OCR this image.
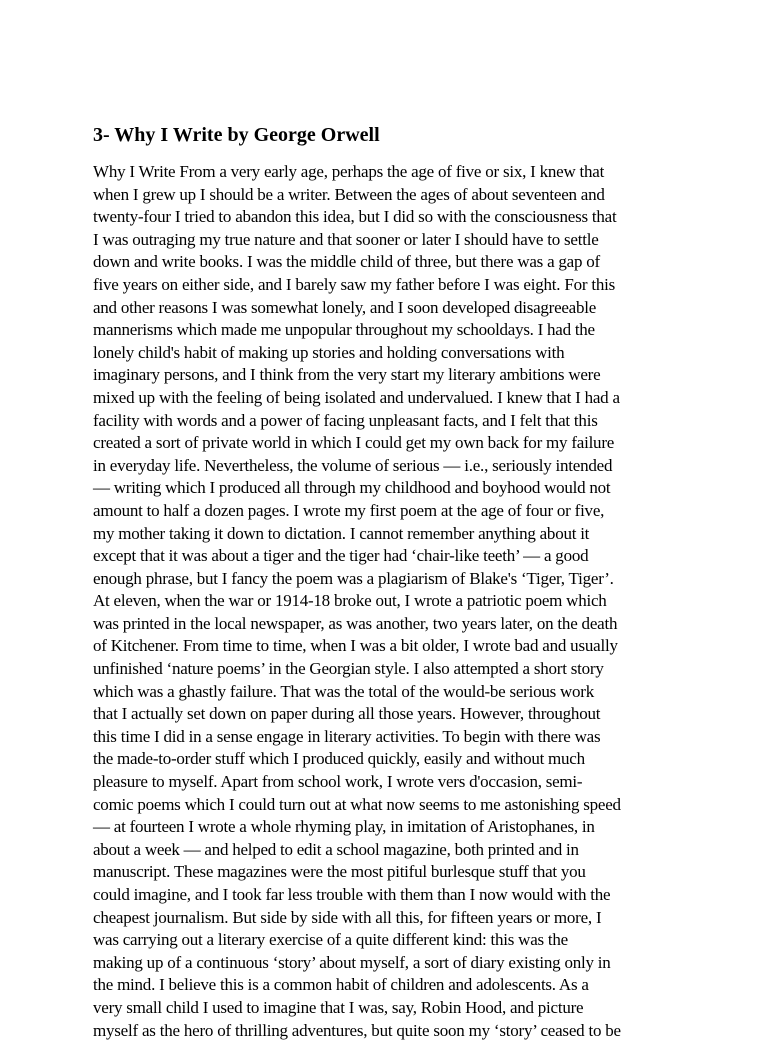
3- Why I Write by George Orwell
Why I Write From a very early age, perhaps the age of five or six, I knew that
when I grew up I should be a writer. Between the ages of about seventeen and
twenty-four I tried to abandon this idea, but I did so with the consciousness that
I was outraging my true nature and that sooner or later I should have to settle
down and write books. I was the middle child of three, but there was a gap of
five years on either side, and I barely saw my father before I was eight. For this
and other reasons I was somewhat lonely, and I soon developed disagreeable
mannerisms which made me unpopular throughout my schooldays. I had the
lonely child's habit of making up stories and holding conversations with
imaginary persons, and I think from the very start my literary ambitions were
mixed up with the feeling of being isolated and undervalued. I knew that I had a
facility with words and a power of facing unpleasant facts, and I felt that this
created a sort of private world in which I could get my own back for my failure
in everyday life. Nevertheless, the volume of serious — i.e., seriously intended
— writing which I produced all through my childhood and boyhood would not
amount to half a dozen pages. I wrote my first poem at the age of four or five,
my mother taking it down to dictation. I cannot remember anything about it
except that it was about a tiger and the tiger had ‘chair-like teeth’ — a good
enough phrase, but I fancy the poem was a plagiarism of Blake's ‘Tiger, Tiger’.
At eleven, when the war or 1914-18 broke out, I wrote a patriotic poem which
was printed in the local newspaper, as was another, two years later, on the death
of Kitchener. From time to time, when I was a bit older, I wrote bad and usually
unfinished ‘nature poems’ in the Georgian style. I also attempted a short story
which was a ghastly failure. That was the total of the would-be serious work
that I actually set down on paper during all those years. However, throughout
this time I did in a sense engage in literary activities. To begin with there was
the made-to-order stuff which I produced quickly, easily and without much
pleasure to myself. Apart from school work, I wrote vers d'occasion, semi-
comic poems which I could turn out at what now seems to me astonishing speed
— at fourteen I wrote a whole rhyming play, in imitation of Aristophanes, in
about a week — and helped to edit a school magazine, both printed and in
manuscript. These magazines were the most pitiful burlesque stuff that you
could imagine, and I took far less trouble with them than I now would with the
cheapest journalism. But side by side with all this, for fifteen years or more, I
was carrying out a literary exercise of a quite different kind: this was the
making up of a continuous ‘story’ about myself, a sort of diary existing only in
the mind. I believe this is a common habit of children and adolescents. As a
very small child I used to imagine that I was, say, Robin Hood, and picture
myself as the hero of thrilling adventures, but quite soon my ‘story’ ceased to be
